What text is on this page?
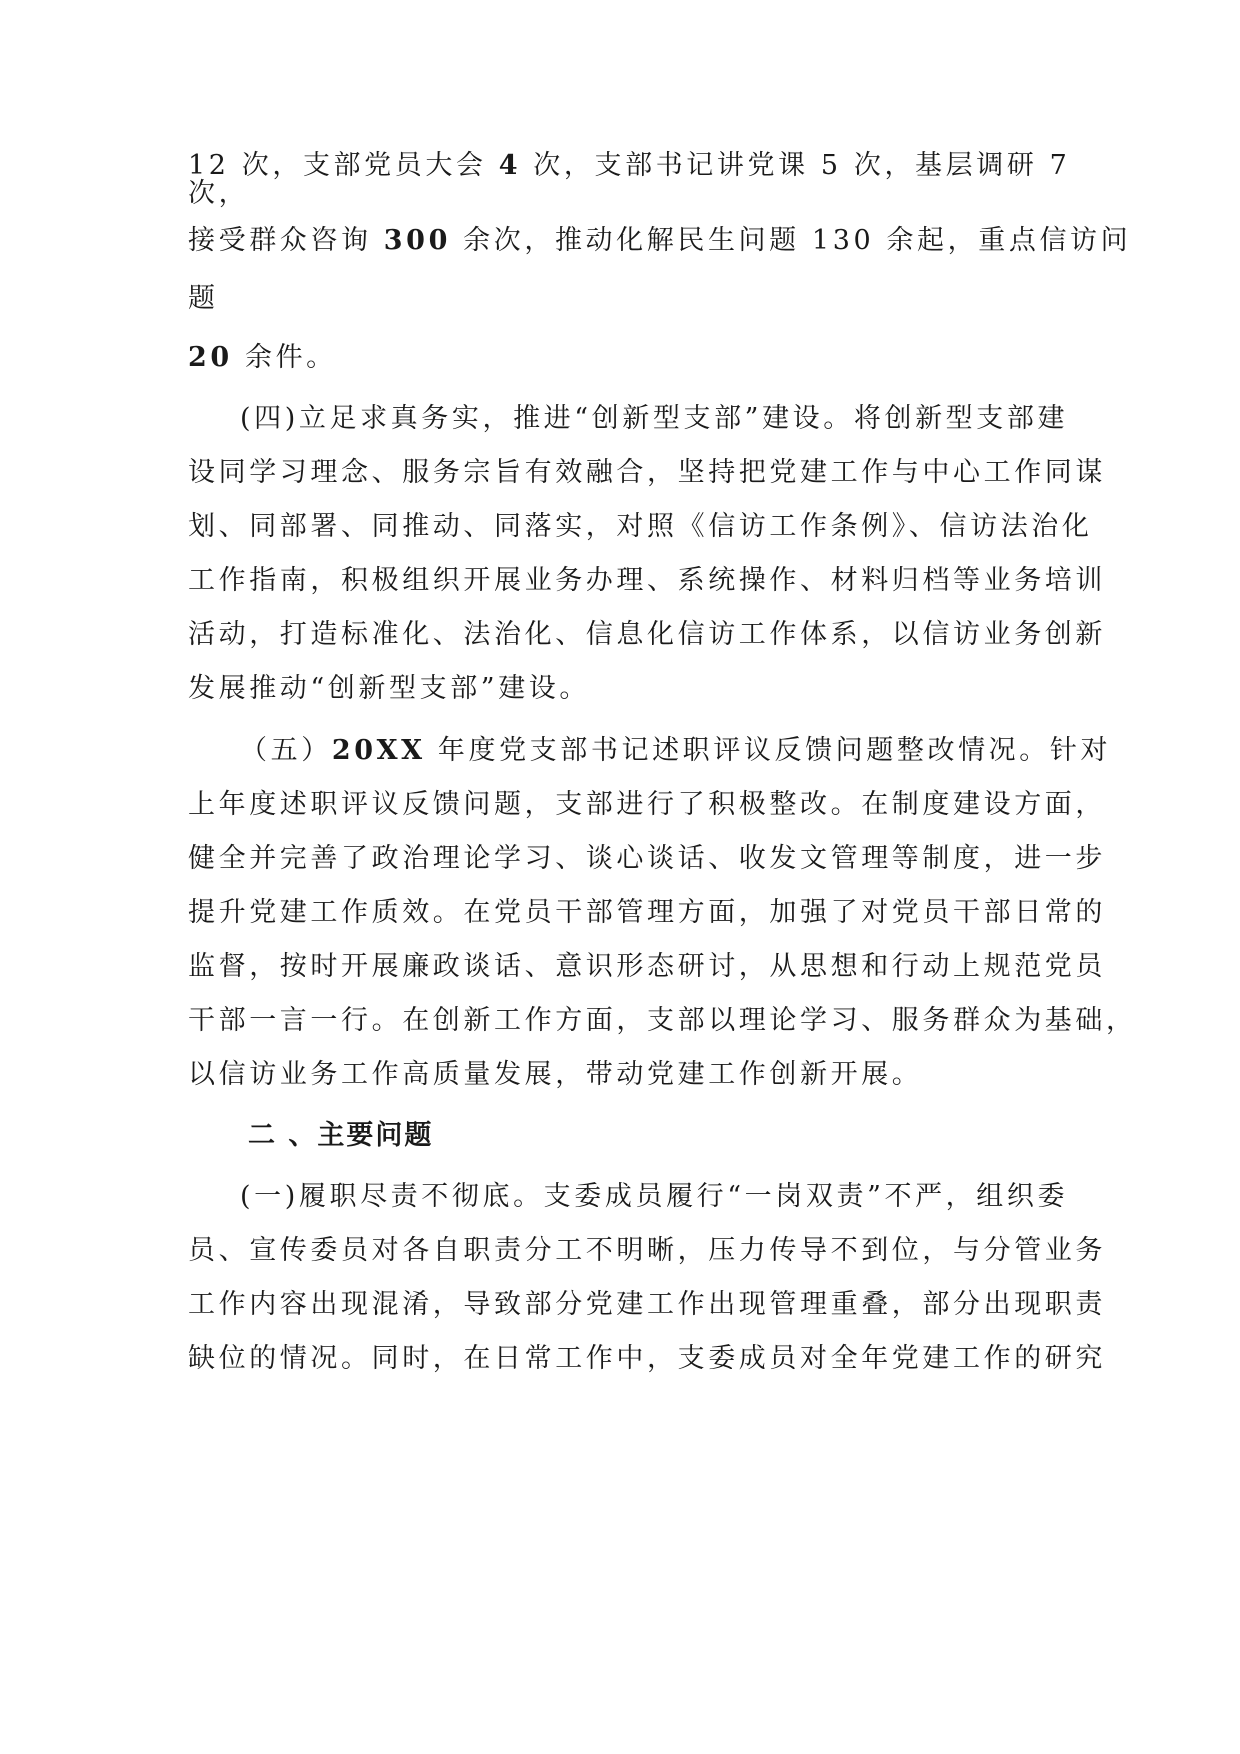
12 次，支部党员大会 4 次，支部书记讲党课 5 次，基层调研 7
次，
接受群众咨询 300 余次，推动化解民生问题 130 余起，重点信访问
题
20 余件。
(四)立足求真务实，推进“创新型支部”建设。将创新型支部建
设同学习理念、服务宗旨有效融合，坚持把党建工作与中心工作同谋
划、同部署、同推动、同落实，对照《信访工作条例》、信访法治化
工作指南，积极组织开展业务办理、系统操作、材料归档等业务培训
活动，打造标准化、法治化、信息化信访工作体系，以信访业务创新
发展推动“创新型支部”建设。
（五）20XX 年度党支部书记述职评议反馈问题整改情况。针对
上年度述职评议反馈问题，支部进行了积极整改。在制度建设方面，
健全并完善了政治理论学习、谈心谈话、收发文管理等制度，进一步
提升党建工作质效。在党员干部管理方面，加强了对党员干部日常的
监督，按时开展廉政谈话、意识形态研讨，从思想和行动上规范党员
干部一言一行。在创新工作方面，支部以理论学习、服务群众为基础，
以信访业务工作高质量发展，带动党建工作创新开展。
二 、主要问题
(一)履职尽责不彻底。支委成员履行“一岗双责”不严，组织委
员、宣传委员对各自职责分工不明晰，压力传导不到位，与分管业务
工作内容出现混淆，导致部分党建工作出现管理重叠，部分出现职责
缺位的情况。同时，在日常工作中，支委成员对全年党建工作的研究
